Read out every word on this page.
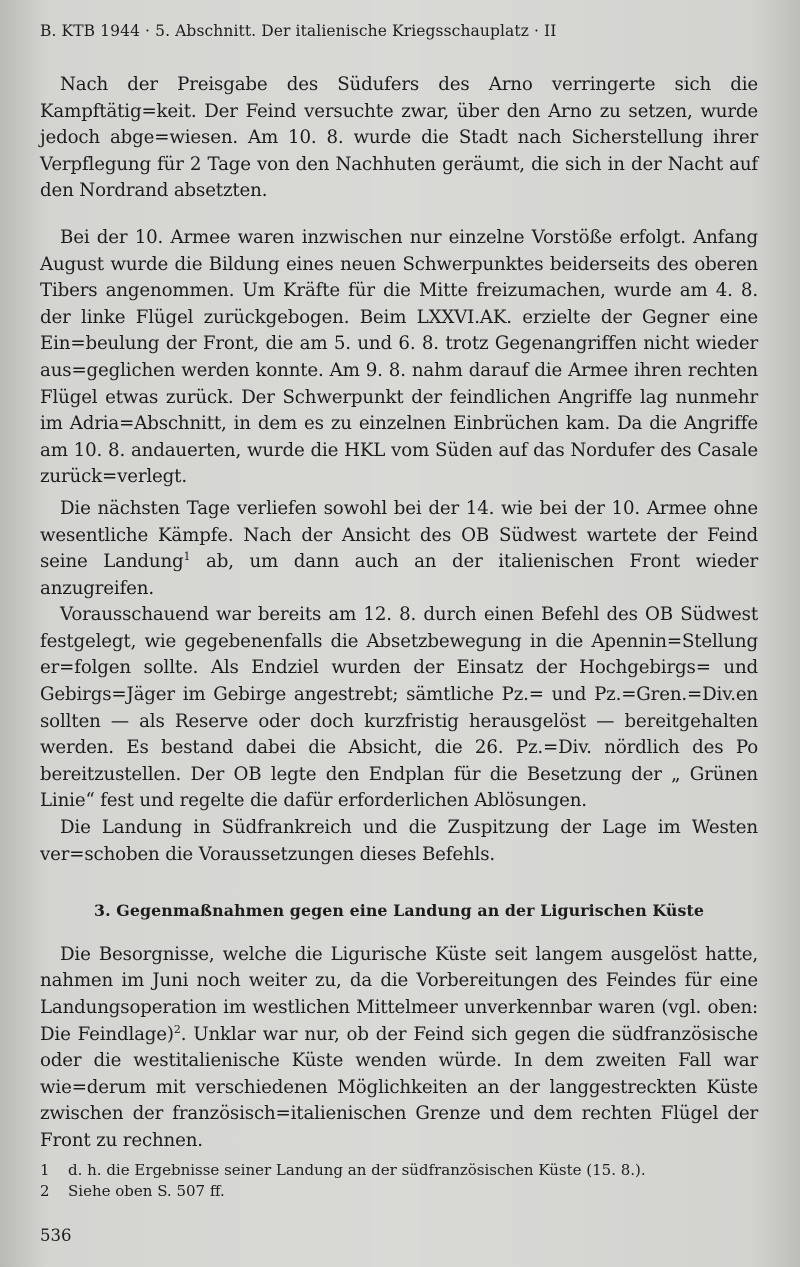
B. KTB 1944 · 5. Abschnitt. Der italienische Kriegsschauplatz · II

Nach der Preisgabe des Südufers des Arno verringerte sich die Kampftätig=keit. Der Feind versuchte zwar, über den Arno zu setzen, wurde jedoch abge=wiesen. Am 10. 8. wurde die Stadt nach Sicherstellung ihrer Verpflegung für 2 Tage von den Nachhuten geräumt, die sich in der Nacht auf den Nordrand absetzten.

Bei der 10. Armee waren inzwischen nur einzelne Vorstöße erfolgt. Anfang August wurde die Bildung eines neuen Schwerpunktes beiderseits des oberen Tibers angenommen. Um Kräfte für die Mitte freizumachen, wurde am 4. 8. der linke Flügel zurückgebogen. Beim LXXVI.AK. erzielte der Gegner eine Ein=beulung der Front, die am 5. und 6. 8. trotz Gegenangriffen nicht wieder aus=geglichen werden konnte. Am 9. 8. nahm darauf die Armee ihren rechten Flügel etwas zurück. Der Schwerpunkt der feindlichen Angriffe lag nunmehr im Adria=Abschnitt, in dem es zu einzelnen Einbrüchen kam. Da die Angriffe am 10. 8. andauerten, wurde die HKL vom Süden auf das Nordufer des Casale zurück=verlegt.

Die nächsten Tage verliefen sowohl bei der 14. wie bei der 10. Armee ohne wesentliche Kämpfe. Nach der Ansicht des OB Südwest wartete der Feind seine Landung$^1$ ab, um dann auch an der italienischen Front wieder anzugreifen.

Vorausschauend war bereits am 12. 8. durch einen Befehl des OB Südwest festgelegt, wie gegebenenfalls die Absetzbewegung in die Apennin=Stellung er=folgen sollte. Als Endziel wurden der Einsatz der Hochgebirgs= und Gebirgs=Jäger im Gebirge angestrebt; sämtliche Pz.= und Pz.=Gren.=Div.en sollten — als Reserve oder doch kurzfristig herausgelöst — bereitgehalten werden. Es bestand dabei die Absicht, die 26. Pz.=Div. nördlich des Po bereitzustellen. Der OB legte den Endplan für die Besetzung der „ Grünen Linie“ fest und regelte die dafür erforderlichen Ablösungen.

Die Landung in Südfrankreich und die Zuspitzung der Lage im Westen ver=schoben die Voraussetzungen dieses Befehls.

3. Gegenmaßnahmen gegen eine Landung an der Ligurischen Küste

Die Besorgnisse, welche die Ligurische Küste seit langem ausgelöst hatte, nahmen im Juni noch weiter zu, da die Vorbereitungen des Feindes für eine Landungsoperation im westlichen Mittelmeer unverkennbar waren (vgl. oben: Die Feindlage)$^2$. Unklar war nur, ob der Feind sich gegen die südfranzösische oder die westitalienische Küste wenden würde. In dem zweiten Fall war wie=derum mit verschiedenen Möglichkeiten an der langgestreckten Küste zwischen der französisch=italienischen Grenze und dem rechten Flügel der Front zu rechnen.

1	d. h. die Ergebnisse seiner Landung an der südfranzösischen Küste (15. 8.).
2	Siehe oben S. 507 ff.
536
